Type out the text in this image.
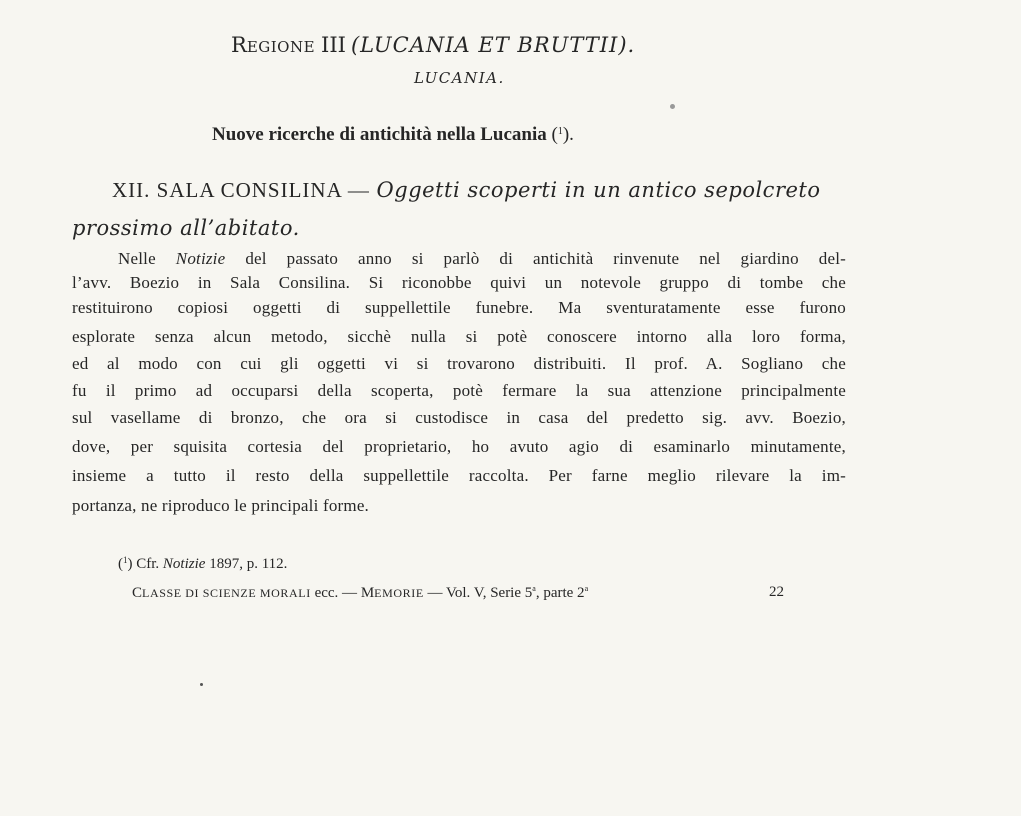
REGIONE III (LUCANIA ET BRUTTII).
LUCANIA.
Nuove ricerche di antichità nella Lucania ($^1$).
XII. SALA CONSILINA — Oggetti scoperti in un antico sepolcreto
prossimo all’abitato.
Nelle Notizie del passato anno si parlò di antichità rinvenute nel giardino del-
l’avv. Boezio in Sala Consilina. Si riconobbe quivi un notevole gruppo di tombe che
restituirono copiosi oggetti di suppellettile funebre. Ma sventuratamente esse furono
esplorate senza alcun metodo, sicchè nulla si potè conoscere intorno alla loro forma,
ed al modo con cui gli oggetti vi si trovarono distribuiti. Il prof. A. Sogliano che
fu il primo ad occuparsi della scoperta, potè fermare la sua attenzione principalmente
sul vasellame di bronzo, che ora si custodisce in casa del predetto sig. avv. Boezio,
dove, per squisita cortesia del proprietario, ho avuto agio di esaminarlo minutamente,
insieme a tutto il resto della suppellettile raccolta. Per farne meglio rilevare la im-
portanza, ne riproduco le principali forme.
($^1$) Cfr. Notizie 1897, p. 112.
CLASSE DI SCIENZE MORALI ecc. — MEMORIE — Vol. V, Serie 5$^a$, parte 2$^a$	22
